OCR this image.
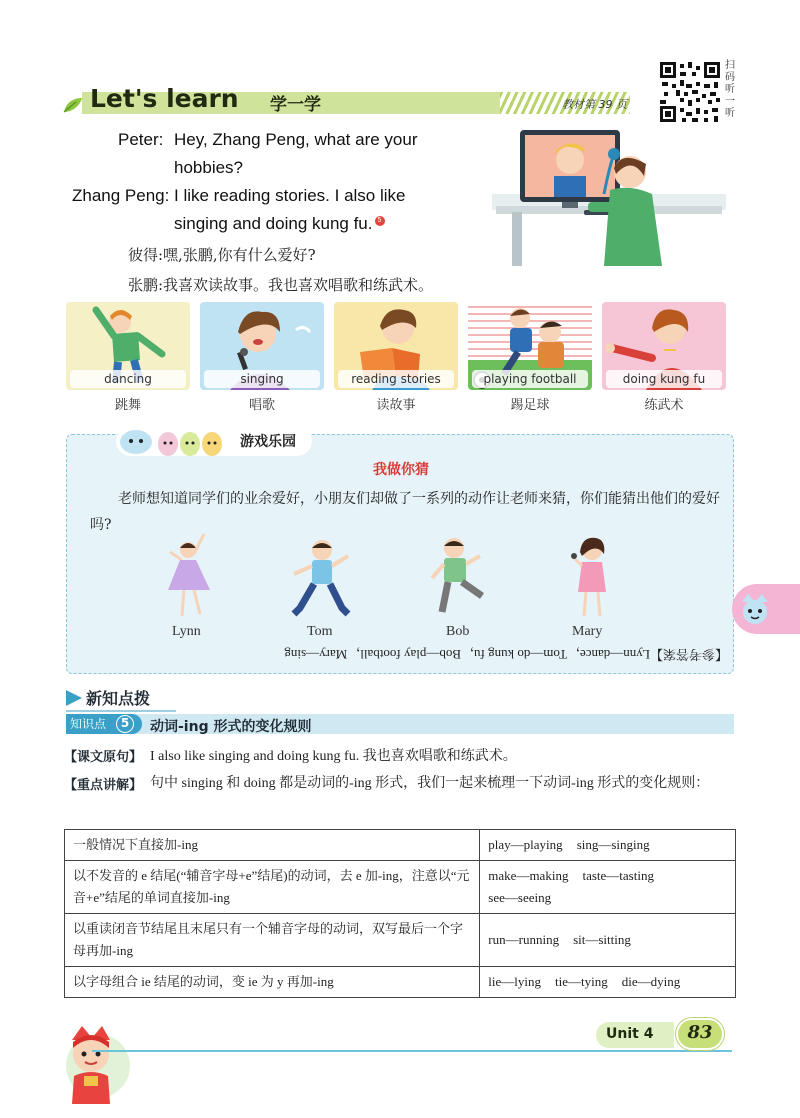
Let's learn 学一学	教材第 39 页
扫码听一听
Peter: Hey, Zhang Peng, what are your
hobbies?
Zhang Peng: I like reading stories. I also like
singing and doing kung fu. 5
彼得:嘿,张鹏,你有什么爱好?
张鹏:我喜欢读故事。我也喜欢唱歌和练武术。
dancing
跳舞
singing
唱歌
reading stories
读故事
playing football
踢足球
doing kung fu
练武术
游戏乐园
我做你猜
老师想知道同学们的业余爱好，小朋友们却做了一系列的动作让老师来猜，你们能猜出他们的爱好吗?
Lynn	Tom	Bob	Mary
【参考答案】Lynn—dance，Tom—do kung fu，Bob—play football，Mary—sing
新知点拨
知识点	5	动词-ing 形式的变化规则
【课文原句】 I also like singing and doing kung fu. 我也喜欢唱歌和练武术。
【重点讲解】 句中 singing 和 doing 都是动词的-ing 形式，我们一起来梳理一下动词-ing 形式的变化规则：
一般情况下直接加-ing	play—playing sing—singing
以不发音的 e 结尾(“辅音字母+e”结尾)的动词，去 e 加-ing，注意以“元音+e”结尾的单词直接加-ing	make—making taste—tasting
see—seeing
以重读闭音节结尾且末尾只有一个辅音字母的动词，双写最后一个字母再加-ing	run—running sit—sitting
以字母组合 ie 结尾的动词，变 ie 为 y 再加-ing	lie—lying tie—tying die—dying
Unit 4	83
